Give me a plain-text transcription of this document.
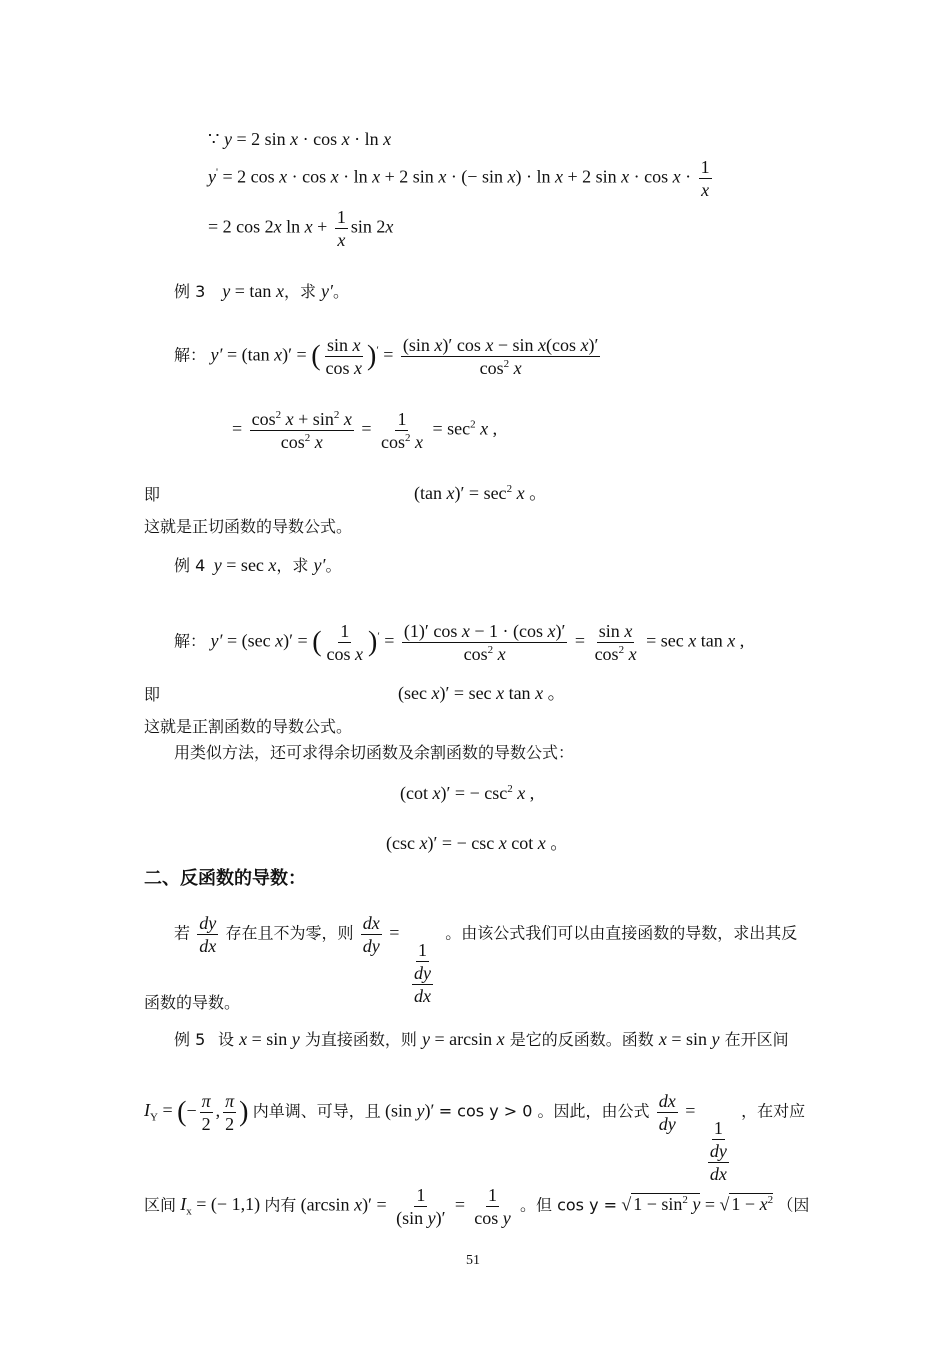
∵ y = 2 sin x · cos x · ln x
y' = 2 cos x · cos x · ln x + 2 sin x · (− sin x) · ln x + 2 $\sin x \cdot \cos x \cdot \frac{1}{x}$
= 2 cos 2x $\ln x + \frac{1}{x}$ sin 2x
例 3 y = tan x，求 y′。
解： y′ = (tan x)′ = ( $\frac{\text{sin x}}{\text{cos x}} )' = \frac{\text{(sin x)′ cos x − sin x(cos x)′}}{\cos^2 x}$
= $\frac{\cos^2 x + \sin^2 x}{\cos^2 x} = \frac{1}{\cos^2 x} = \sec^2 x$ ,
即	(tan $x)' = \sec^2 x$ 。
这就是正切函数的导数公式。
例 4 y = sec x，求 y′。
解： y′ = (sec x)′ = ( $\frac{1}{\text{cos x}} )' = \frac{\text{(1)′ cos x − 1 · (cos x)′}}{\cos^2 x} = \frac{\text{sin x}}{\cos^2 x} = \sec x$ tan x ,
即	(sec x)′ = sec x tan x 。
这就是正割函数的导数公式。
用类似方法，还可求得余切函数及余割函数的导数公式：
(cot x)′ = − $\csc^2 x$ ,
(csc x)′ = − csc x cot x 。
二、反函数的导数：
若 $\frac{dy}{dx}$ 存在且不为零，则 $\frac{dx}{dy}$ =
$\frac{1}{\frac{dy}{dx}}$
。由该公式我们可以由直接函数的导数，求出其反
函数的导数。
例 5 设 x = sin y 为直接函数，则 y = arcsin x 是它的反函数。函数 x = sin y 在开区间
$I_Y$ = (− $\frac{\pi}{2}$ , $\frac{\pi}{2}$ ) 内单调、可导，且 (sin y)′ = cos y > 0 。因此，由公式 $\frac{dx}{dy}$ =
$\frac{1}{\frac{dy}{dx}}$
，在对应
区间 $I_x$ = (− 1,1) 内有 (arcsin $x)' = \frac{1}{\text{(sin y)′}} = \frac{1}{\text{cos y}}$ 。但 cos y = √ $1 - \sin^2 y$ = √ $1 - x^2$ （因
51
